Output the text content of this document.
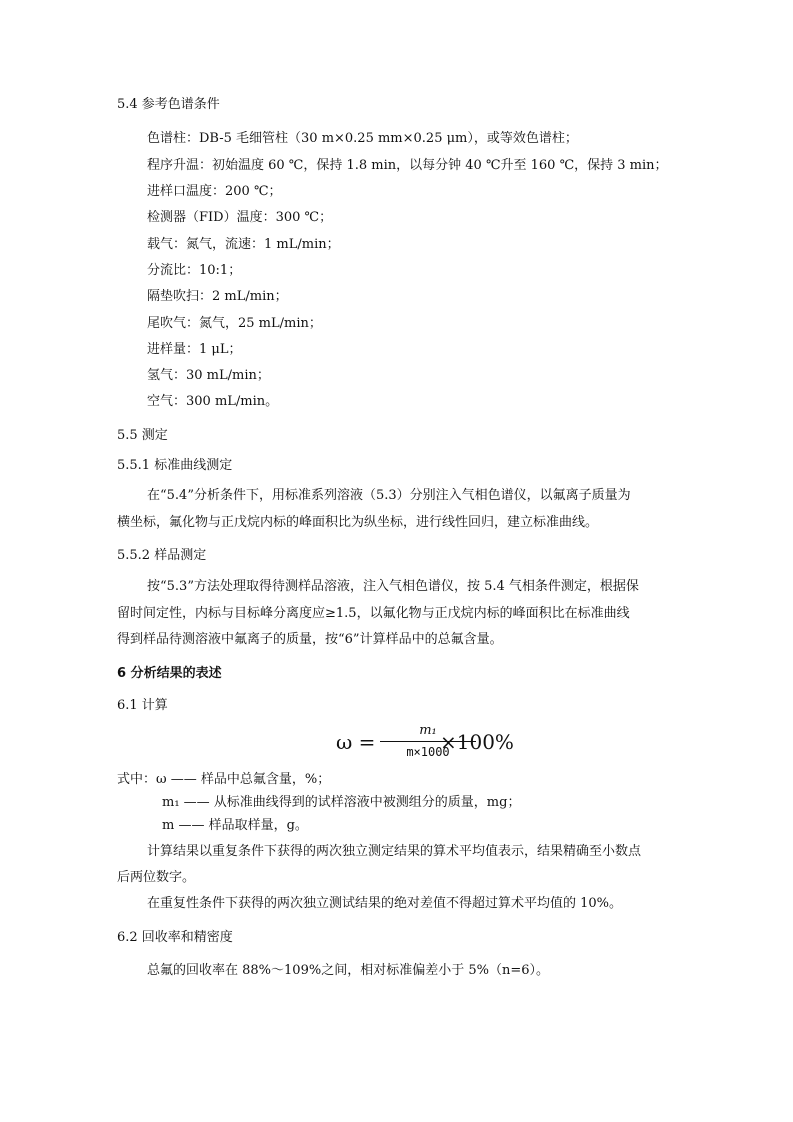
5.4 参考色谱条件
色谱柱：DB-5 毛细管柱（30 m×0.25 mm×0.25 μm），或等效色谱柱；
程序升温：初始温度 60 ℃，保持 1.8 min，以每分钟 40 ℃升至 160 ℃，保持 3 min；
进样口温度：200 ℃；
检测器（FID）温度：300 ℃；
载气：氮气，流速：1 mL/min；
分流比：10:1；
隔垫吹扫：2 mL/min；
尾吹气：氮气，25 mL/min；
进样量：1 μL；
氢气：30 mL/min；
空气：300 mL/min。
5.5 测定
5.5.1 标准曲线测定
在“5.4”分析条件下，用标准系列溶液（5.3）分别注入气相色谱仪，以氟离子质量为
横坐标，氟化物与正戊烷内标的峰面积比为纵坐标，进行线性回归，建立标准曲线。
5.5.2 样品测定
按“5.3”方法处理取得待测样品溶液，注入气相色谱仪，按 5.4 气相条件测定，根据保
留时间定性，内标与目标峰分离度应≥1.5，以氟化物与正戊烷内标的峰面积比在标准曲线
得到样品待测溶液中氟离子的质量，按“6”计算样品中的总氟含量。
6 分析结果的表述
6.1 计算
ω =	m₁
m×1000
×100%
式中：ω —— 样品中总氟含量，%；
m₁ —— 从标准曲线得到的试样溶液中被测组分的质量，mg；
m —— 样品取样量，g。
计算结果以重复条件下获得的两次独立测定结果的算术平均值表示，结果精确至小数点
后两位数字。
在重复性条件下获得的两次独立测试结果的绝对差值不得超过算术平均值的 10%。
6.2 回收率和精密度
总氟的回收率在 88%～109%之间，相对标准偏差小于 5%（n=6）。
